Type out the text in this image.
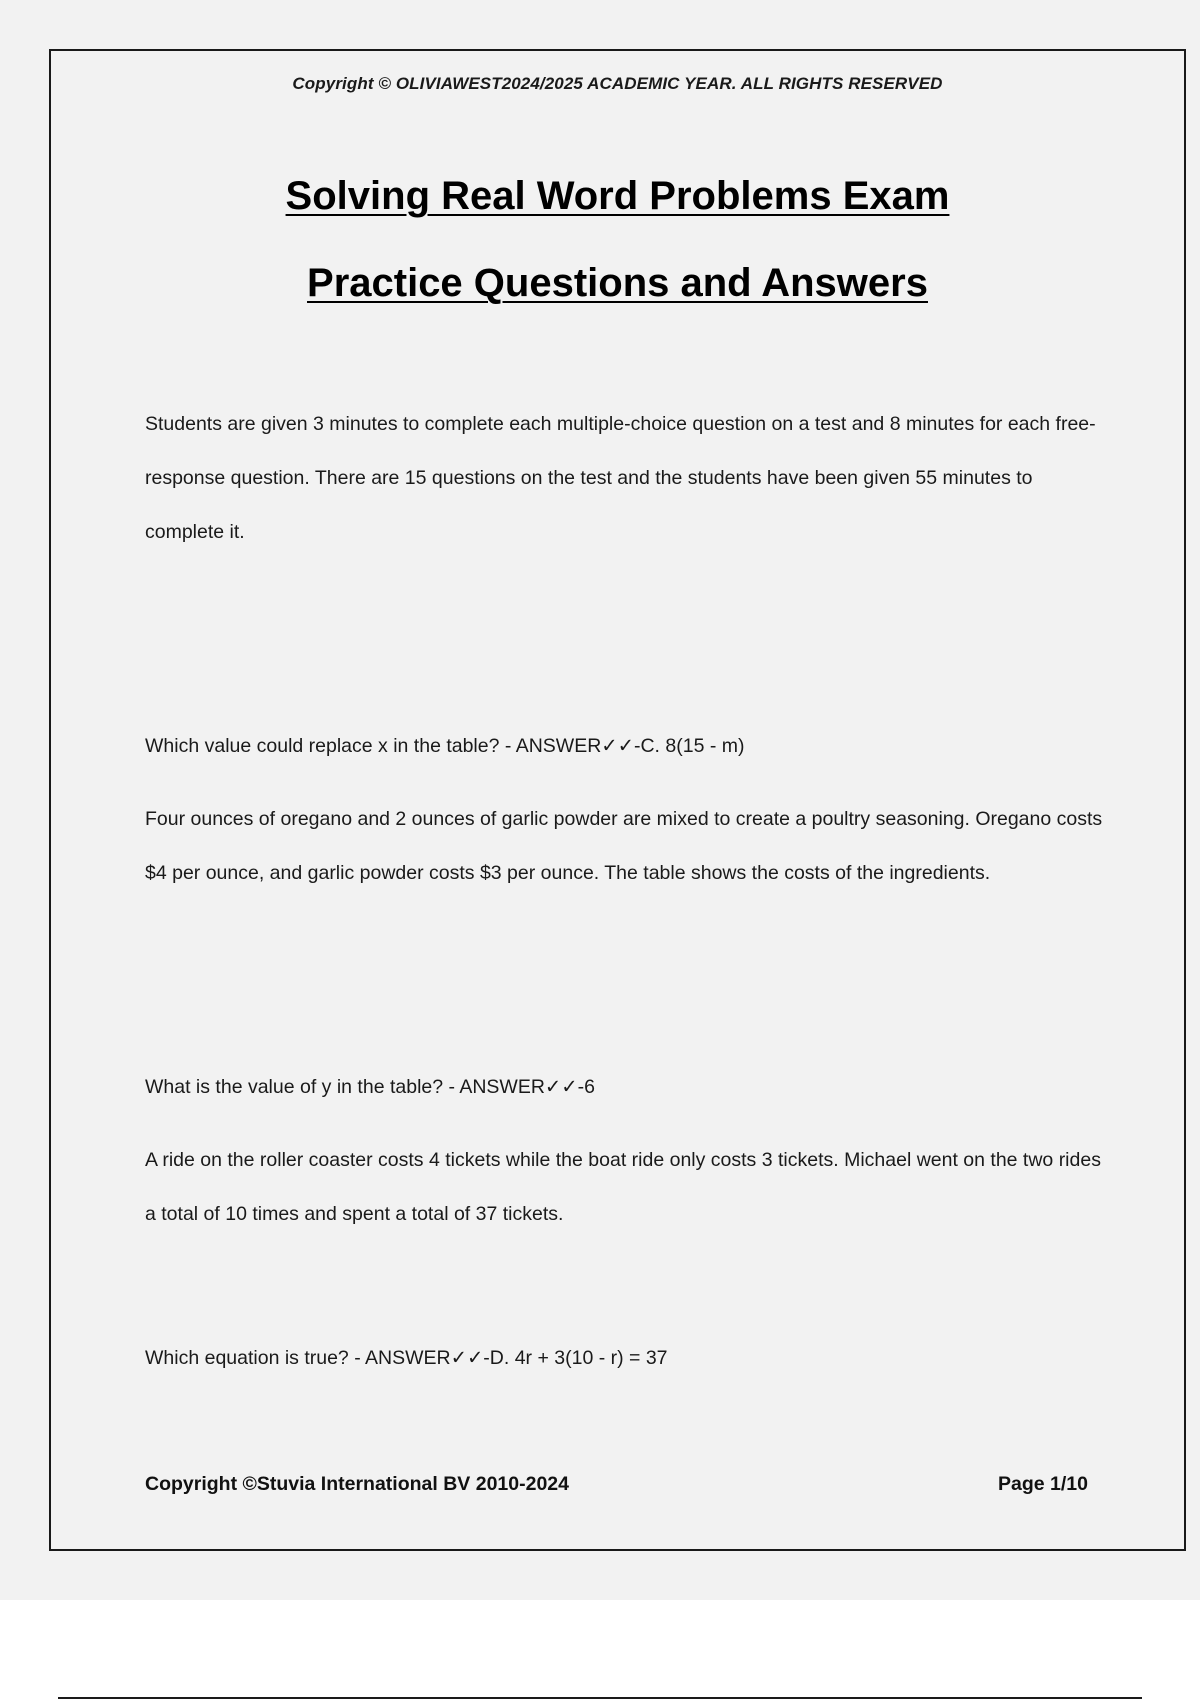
Copyright © OLIVIAWEST2024/2025 ACADEMIC YEAR. ALL RIGHTS RESERVED
Solving Real Word Problems Exam
Practice Questions and Answers

Students are given 3 minutes to complete each multiple-choice question on a test and 8 minutes for each free-response question. There are 15 questions on the test and the students have been given 55 minutes to complete it.

Which value could replace x in the table? - ANSWER✓✓-C. 8(15 - m)

Four ounces of oregano and 2 ounces of garlic powder are mixed to create a poultry seasoning. Oregano costs $4 per ounce, and garlic powder costs $3 per ounce. The table shows the costs of the ingredients.

What is the value of y in the table? - ANSWER✓✓-6

A ride on the roller coaster costs 4 tickets while the boat ride only costs 3 tickets. Michael went on the two rides a total of 10 times and spent a total of 37 tickets.

Which equation is true? - ANSWER✓✓-D. 4r + 3(10 - r) = 37

Copyright ©Stuvia International BV 2010-2024	Page 1/10
